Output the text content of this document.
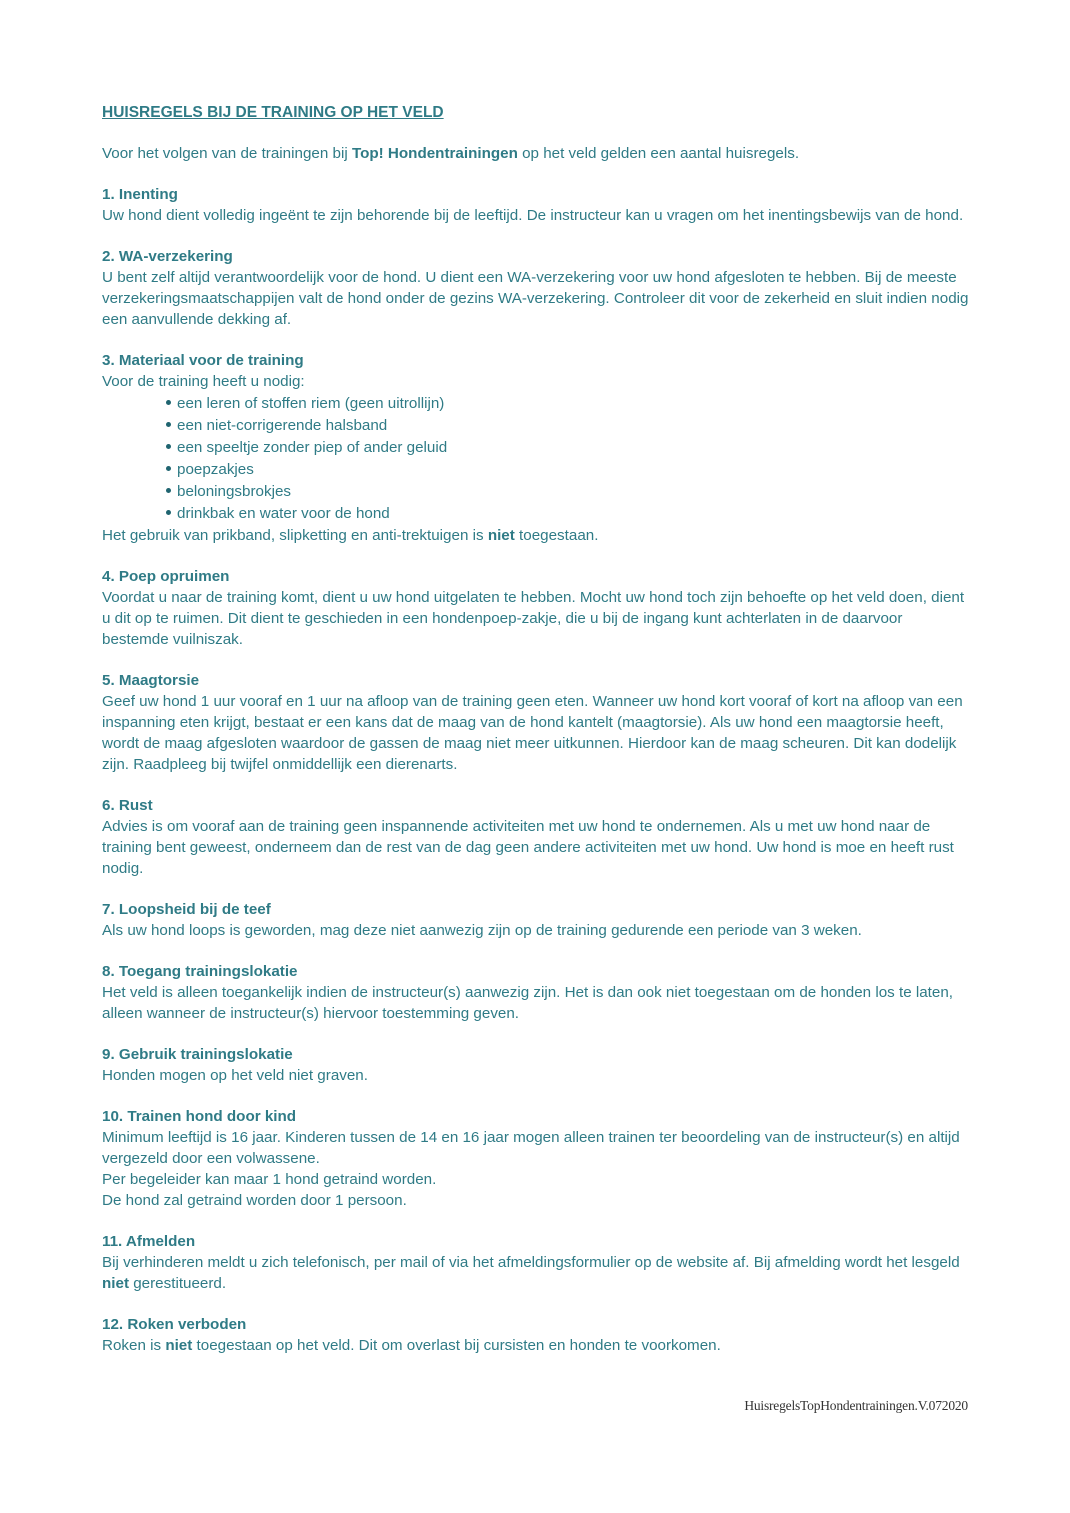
HUISREGELS BIJ DE TRAINING OP HET VELD
Voor het volgen van de trainingen bij Top! Hondentrainingen op het veld gelden een aantal huisregels.
1. Inenting
Uw hond dient volledig ingeënt te zijn behorende bij de leeftijd. De instructeur kan u vragen om het inentingsbewijs van de hond.
2. WA-verzekering
U bent zelf altijd verantwoordelijk voor de hond. U dient een WA-verzekering voor uw hond afgesloten te hebben. Bij de meeste verzekeringsmaatschappijen valt de hond onder de gezins WA-verzekering. Controleer dit voor de zekerheid en sluit indien nodig een aanvullende dekking af.
3. Materiaal voor de training
Voor de training heeft u nodig:
een leren of stoffen riem (geen uitrollijn)
een niet-corrigerende halsband
een speeltje zonder piep of ander geluid
poepzakjes
beloningsbrokjes
drinkbak en water voor de hond
Het gebruik van prikband, slipketting en anti-trektuigen is niet toegestaan.
4. Poep opruimen
Voordat u naar de training komt, dient u uw hond uitgelaten te hebben. Mocht uw hond toch zijn behoefte op het veld doen, dient u dit op te ruimen. Dit dient te geschieden in een hondenpoep-zakje, die u bij de ingang kunt achterlaten in de daarvoor bestemde vuilniszak.
5. Maagtorsie
Geef uw hond 1 uur vooraf en 1 uur na afloop van de training geen eten. Wanneer uw hond kort vooraf of kort na afloop van een inspanning eten krijgt, bestaat er een kans dat de maag van de hond kantelt (maagtorsie). Als uw hond een maagtorsie heeft, wordt de maag afgesloten waardoor de gassen de maag niet meer uitkunnen. Hierdoor kan de maag scheuren. Dit kan dodelijk zijn. Raadpleeg bij twijfel onmiddellijk een dierenarts.
6. Rust
Advies is om vooraf aan de training geen inspannende activiteiten met uw hond te ondernemen. Als u met uw hond naar de training bent geweest, onderneem dan de rest van de dag geen andere activiteiten met uw hond. Uw hond is moe en heeft rust nodig.
7. Loopsheid bij de teef
Als uw hond loops is geworden, mag deze niet aanwezig zijn op de training gedurende een periode van 3 weken.
8. Toegang trainingslokatie
Het veld is alleen toegankelijk indien de instructeur(s) aanwezig zijn. Het is dan ook niet toegestaan om de honden los te laten, alleen wanneer de instructeur(s) hiervoor toestemming geven.
9. Gebruik trainingslokatie
Honden mogen op het veld niet graven.
10. Trainen hond door kind
Minimum leeftijd is 16 jaar. Kinderen tussen de 14 en 16 jaar mogen alleen trainen ter beoordeling van de instructeur(s) en altijd vergezeld door een volwassene.
Per begeleider kan maar 1 hond getraind worden.
De hond zal getraind worden door 1 persoon.
11. Afmelden
Bij verhinderen meldt u zich telefonisch, per mail of via het afmeldingsformulier op de website af. Bij afmelding wordt het lesgeld niet gerestitueerd.
12. Roken verboden
Roken is niet toegestaan op het veld. Dit om overlast bij cursisten en honden te voorkomen.
HuisregelsTopHondentrainingen.V.072020
